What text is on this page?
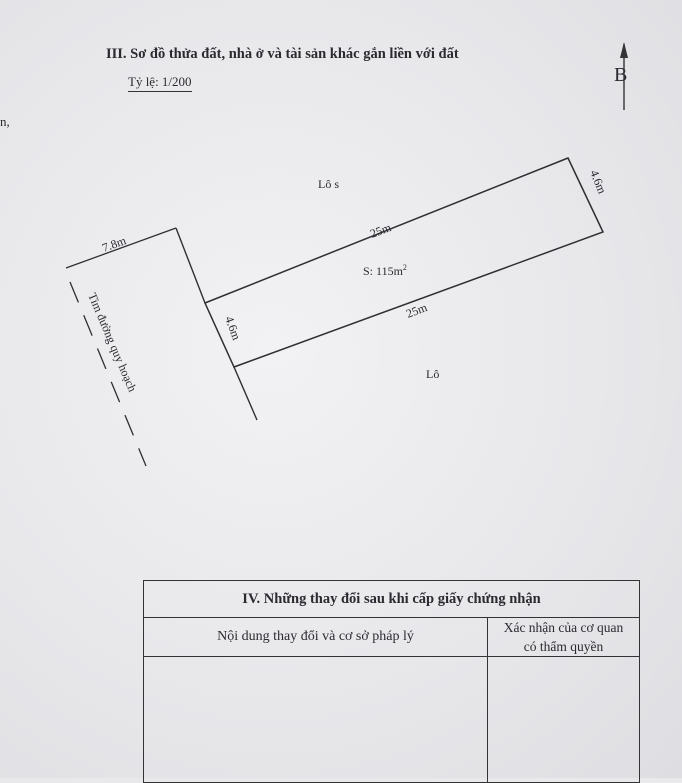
III. Sơ đồ thửa đất, nhà ở và tài sản khác gắn liền với đất
Tỷ lệ: 1/200
n,
B
7.8m
Tim đường quy hoạch	4.6m
4.6m
25m
25m
S: $115m^2$
Lô s
Lô
IV. Những thay đổi sau khi cấp giấy chứng nhận	
Nội dung thay đổi và cơ sở pháp lý	Xác nhận của cơ quan
có thẩm quyền
